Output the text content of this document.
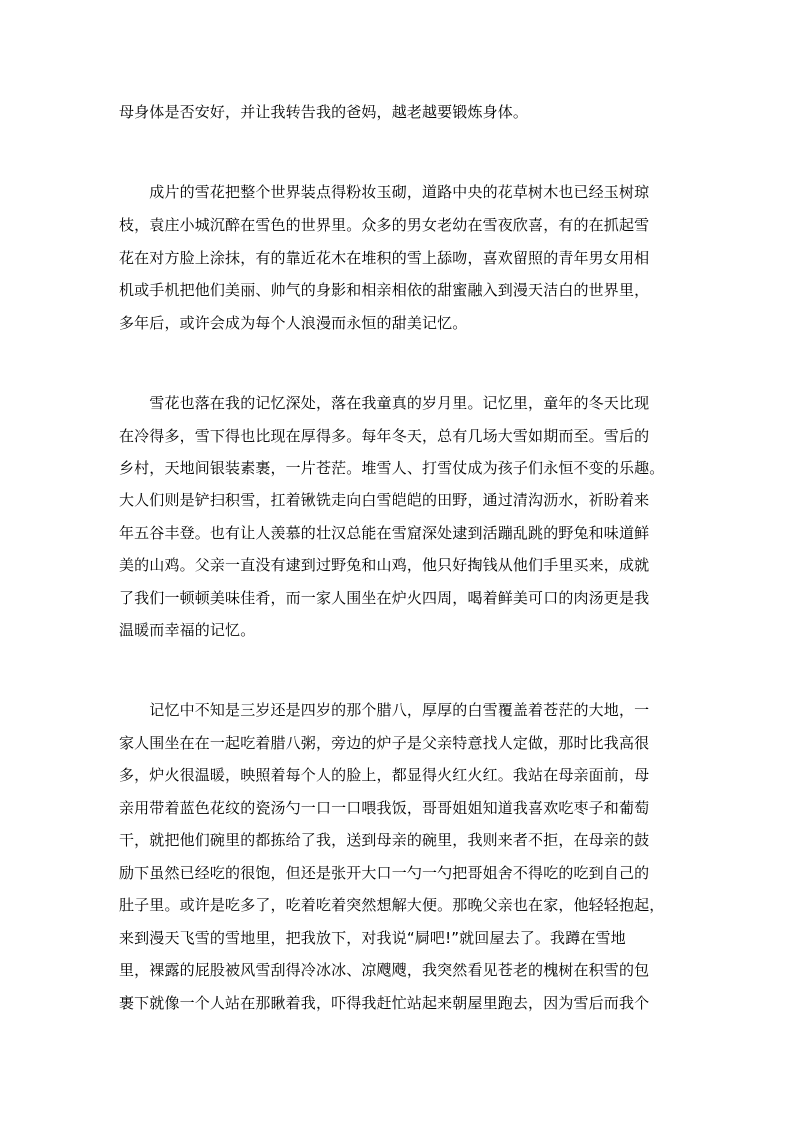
母身体是否安好，并让我转告我的爸妈，越老越要锻炼身体。
　　成片的雪花把整个世界装点得粉妆玉砌，道路中央的花草树木也已经玉树琼
枝，袁庄小城沉醉在雪色的世界里。众多的男女老幼在雪夜欣喜，有的在抓起雪
花在对方脸上涂抹，有的靠近花木在堆积的雪上舔吻，喜欢留照的青年男女用相
机或手机把他们美丽、帅气的身影和相亲相依的甜蜜融入到漫天洁白的世界里，
多年后，或许会成为每个人浪漫而永恒的甜美记忆。
　　雪花也落在我的记忆深处，落在我童真的岁月里。记忆里，童年的冬天比现
在冷得多，雪下得也比现在厚得多。每年冬天，总有几场大雪如期而至。雪后的
乡村，天地间银装素裹，一片苍茫。堆雪人、打雪仗成为孩子们永恒不变的乐趣。
大人们则是铲扫积雪，扛着锹铣走向白雪皑皑的田野，通过清沟沥水，祈盼着来
年五谷丰登。也有让人羡慕的壮汉总能在雪窟深处逮到活蹦乱跳的野兔和味道鲜
美的山鸡。父亲一直没有逮到过野兔和山鸡，他只好掏钱从他们手里买来，成就
了我们一顿顿美味佳肴，而一家人围坐在炉火四周，喝着鲜美可口的肉汤更是我
温暖而幸福的记忆。
　　记忆中不知是三岁还是四岁的那个腊八，厚厚的白雪覆盖着苍茫的大地，一
家人围坐在在一起吃着腊八粥，旁边的炉子是父亲特意找人定做，那时比我高很
多，炉火很温暖，映照着每个人的脸上，都显得火红火红。我站在母亲面前，母
亲用带着蓝色花纹的瓷汤勺一口一口喂我饭，哥哥姐姐知道我喜欢吃枣子和葡萄
干，就把他们碗里的都拣给了我，送到母亲的碗里，我则来者不拒，在母亲的鼓
励下虽然已经吃的很饱，但还是张开大口一勺一勺把哥姐舍不得吃的吃到自己的
肚子里。或许是吃多了，吃着吃着突然想解大便。那晚父亲也在家，他轻轻抱起，
来到漫天飞雪的雪地里，把我放下，对我说“屙吧!”就回屋去了。我蹲在雪地
里，裸露的屁股被风雪刮得冷冰冰、凉飕飕，我突然看见苍老的槐树在积雪的包
裹下就像一个人站在那瞅着我，吓得我赶忙站起来朝屋里跑去，因为雪后而我个
